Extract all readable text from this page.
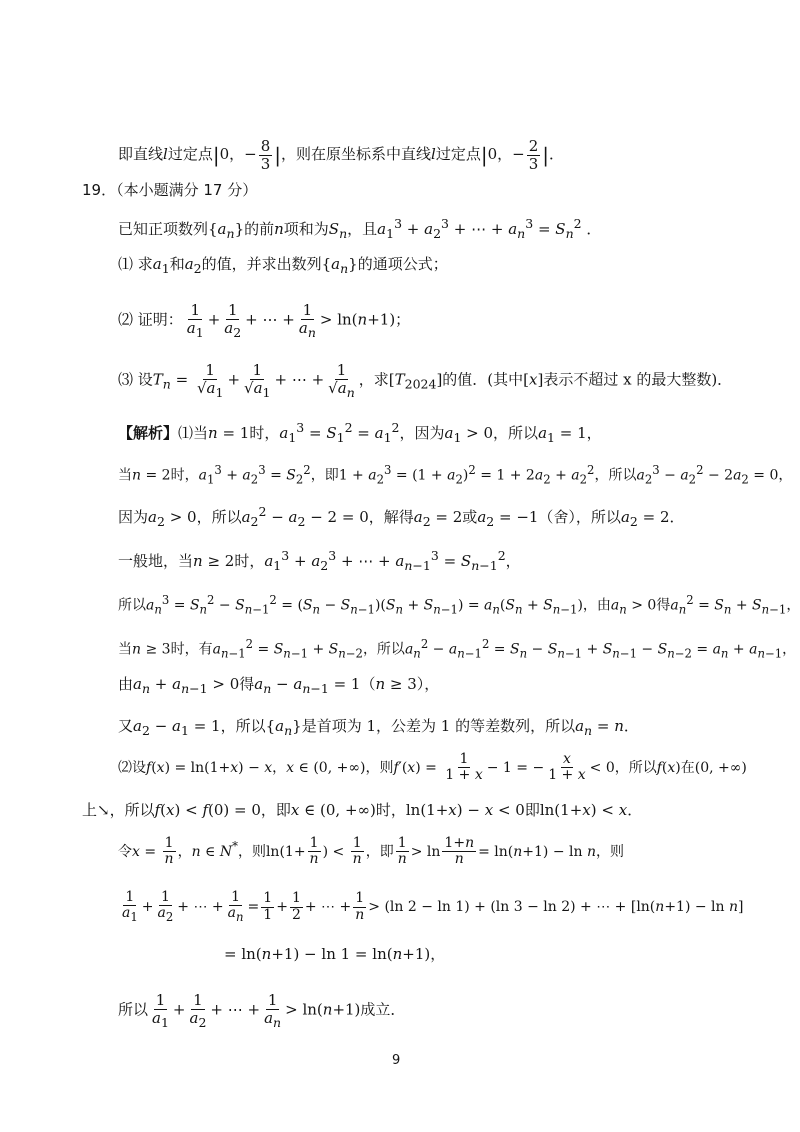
即直线l过定点|0，− $\frac{8}{3}$ |，则在原坐标系中直线l过定点|0，− $\frac{2}{3}$ |．
19．（本小题满分 17 分）
已知正项数列$\{a_n\}$的前n项和为$S_n$，且$a_1^3 + a_2^3$ + ⋯ + $a_n^3 = S_n^2$ ．
⑴ 求$a_1$和$a_2$的值，并求出数列$\{a_n\}$的通项公式；
⑵ 证明： $\frac{1}{a_1} + \frac{1}{a_2}$ + ⋯ + $\frac{1}{a_n} > \ln(n+1)$；
⑶ 设$T_n = \frac{1}{√a_1} + \frac{1}{√a_1}$ + ⋯ + $\frac{1}{√a_n}$ ，求$[T_{2024}]$的值．(其中[x]表示不超过 x 的最大整数)．
【解析】⑴当n = 1时，$a_1^3 = S_1^2 = a_1^2$，因为$a_1 > 0$，所以$a_1 = 1$，
当n = 2时，$a_1^3 + a_2^3 = S_2^2$，即$1 + a_2^3 = (1 + a_2)^2 = 1 + 2a_2 + a_2^2$，所以$a_2^3 - a_2^2 - 2a_2 = 0$，
因为$a_2 > 0$，所以$a_2^2 - a_2 - 2 = 0$，解得$a_2 = 2$或$a_2 = -1$（舍），所以$a_2 = 2$．
一般地，当n ≥ 2时，$a_1^3 + a_2^3$ + ⋯ + $a_{n-1}^3 = S_{n-1}^2$，
所以$a_n^3 = S_n^2 - S_{n-1}^2 = (S_n - S_{n-1})(S_n + S_{n-1}) = a_n(S_n + S_{n-1})$，由$a_n > 0$得$a_n^2 = S_n + S_{n-1}$，
当n ≥ 3时，有$a_{n-1}^2 = S_{n-1} + S_{n-2}$，所以$a_n^2 - a_{n-1}^2 = S_n - S_{n-1} + S_{n-1} - S_{n-2} = a_n + a_{n-1}$，
由$a_n + a_{n-1} > 0$得$a_n - a_{n-1} = 1(n \ge 3)$，
又$a_2 - a_1 = 1$，所以$\{a_n\}$是首项为 1，公差为 1 的等差数列，所以$a_n = n$．
⑵设f(x) = ln(1+x) − x，x ∈ (0, +∞)，则$f'(x) = \frac{1}{1 + x} - 1$ = − $\frac{x}{1 + x} < 0$，所以f(x)在(0, +∞)
上↘，所以f(x) < f(0) = 0，即x ∈ (0, +∞)时，ln(1+x) − x < 0即ln(1+x) < x．
令$x = \frac{1}{n}$ ，n ∈ N*，则$\ln(1+ \frac{1}{n}$ ) < $\frac{1}{n}$ ，即 $\frac{1}{n} > \ln \frac{1+n}{n} = \ln(n+1) - \ln n$，则
$\frac{1}{a_1} + \frac{1}{a_2}$ + ⋯ + $\frac{1}{a_n} = \frac{1}{1} + \frac{1}{2}$ + ⋯ + $\frac{1}{n} > (\ln$ 2 − ln 1) + (ln 3 − ln 2) + ⋯ + [ln(n+1) − ln n]
= ln(n+1) − ln 1 = ln(n+1)，
所以 $\frac{1}{a_1} + \frac{1}{a_2}$ + ⋯ + $\frac{1}{a_n} > \ln(n+1)$成立．
9
